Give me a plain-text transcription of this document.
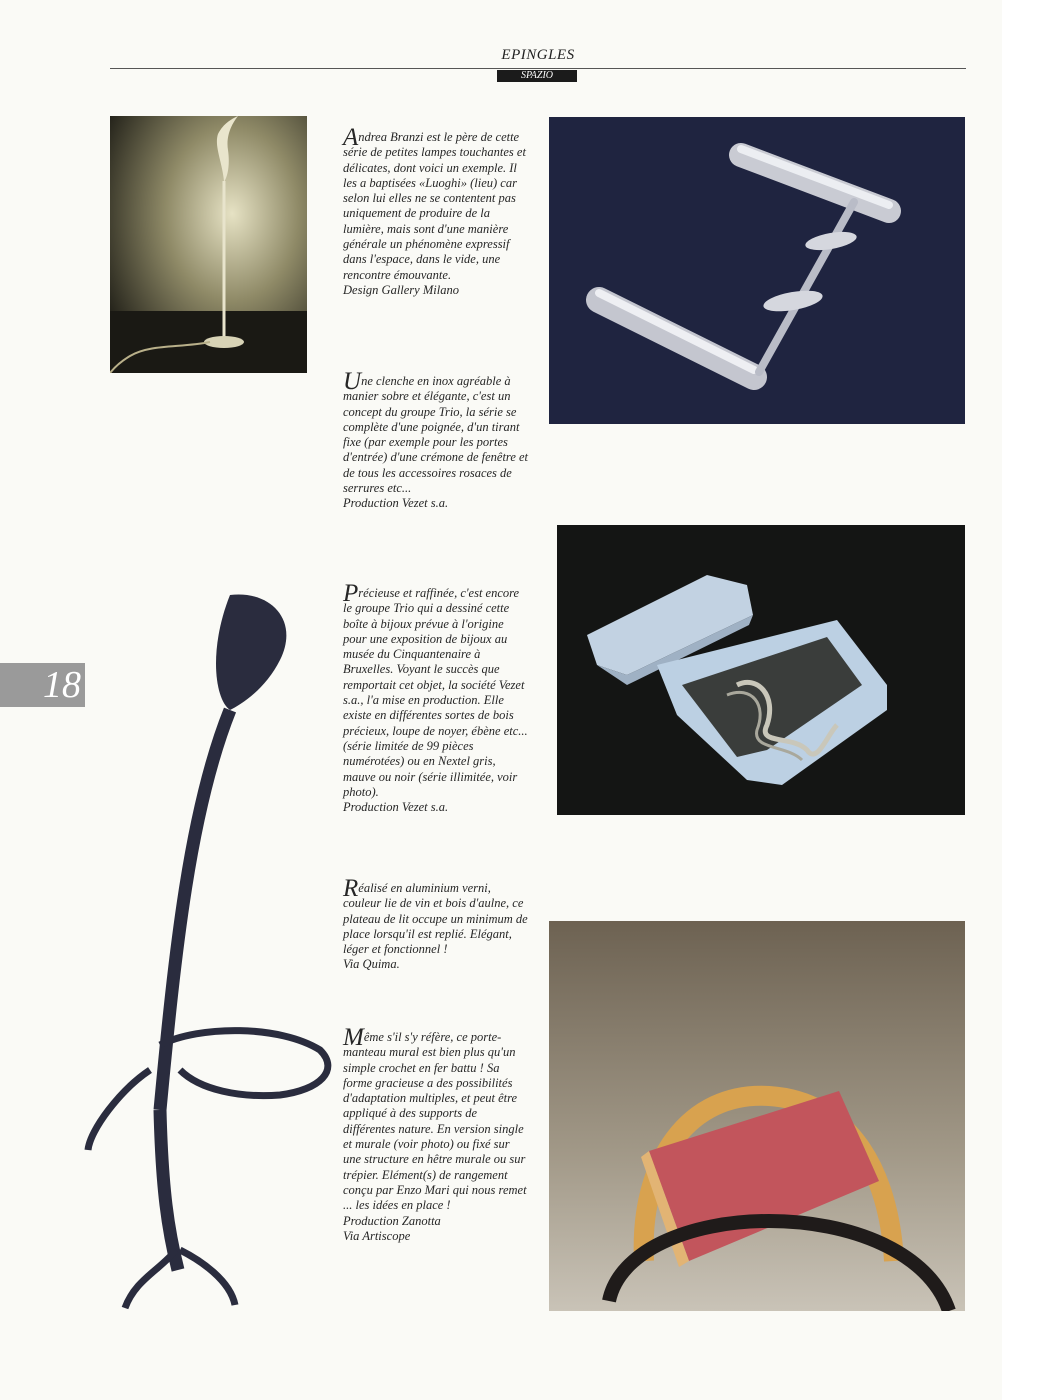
EPINGLES
SPAZIO
18

Andrea Branzi est le père de cette série de petites lampes touchantes et délicates, dont voici un exemple. Il les a baptisées «Luoghi» (lieu) car selon lui elles ne se contentent pas uniquement de produire de la lumière, mais sont d'une manière générale un phénomène expressif dans l'espace, dans le vide, une rencontre émouvante.

Design Gallery Milano

Une clenche en inox agréable à manier sobre et élégante, c'est un concept du groupe Trio, la série se complète d'une poignée, d'un tirant fixe (par exemple pour les portes d'entrée) d'une crémone de fenêtre et de tous les accessoires rosaces de serrures etc...

Production Vezet s.a.

Précieuse et raffinée, c'est encore le groupe Trio qui a dessiné cette boîte à bijoux prévue à l'origine pour une exposition de bijoux au musée du Cinquantenaire à Bruxelles. Voyant le succès que remportait cet objet, la société Vezet s.a., l'a mise en production. Elle existe en différentes sortes de bois précieux, loupe de noyer, ébène etc... (série limitée de 99 pièces numérotées) ou en Nextel gris, mauve ou noir (série illimitée, voir photo).

Production Vezet s.a.

Réalisé en aluminium verni, couleur lie de vin et bois d'aulne, ce plateau de lit occupe un minimum de place lorsqu'il est replié. Elégant, léger et fonctionnel !

Via Quima.

Même s'il s'y réfère, ce porte-manteau mural est bien plus qu'un simple crochet en fer battu ! Sa forme gracieuse a des possibilités d'adaptation multiples, et peut être appliqué à des supports de différentes nature. En version single et murale (voir photo) ou fixé sur une structure en hêtre murale ou sur trépier. Elément(s) de rangement conçu par Enzo Mari qui nous remet ... les idées en place !

Production Zanotta

Via Artiscope
